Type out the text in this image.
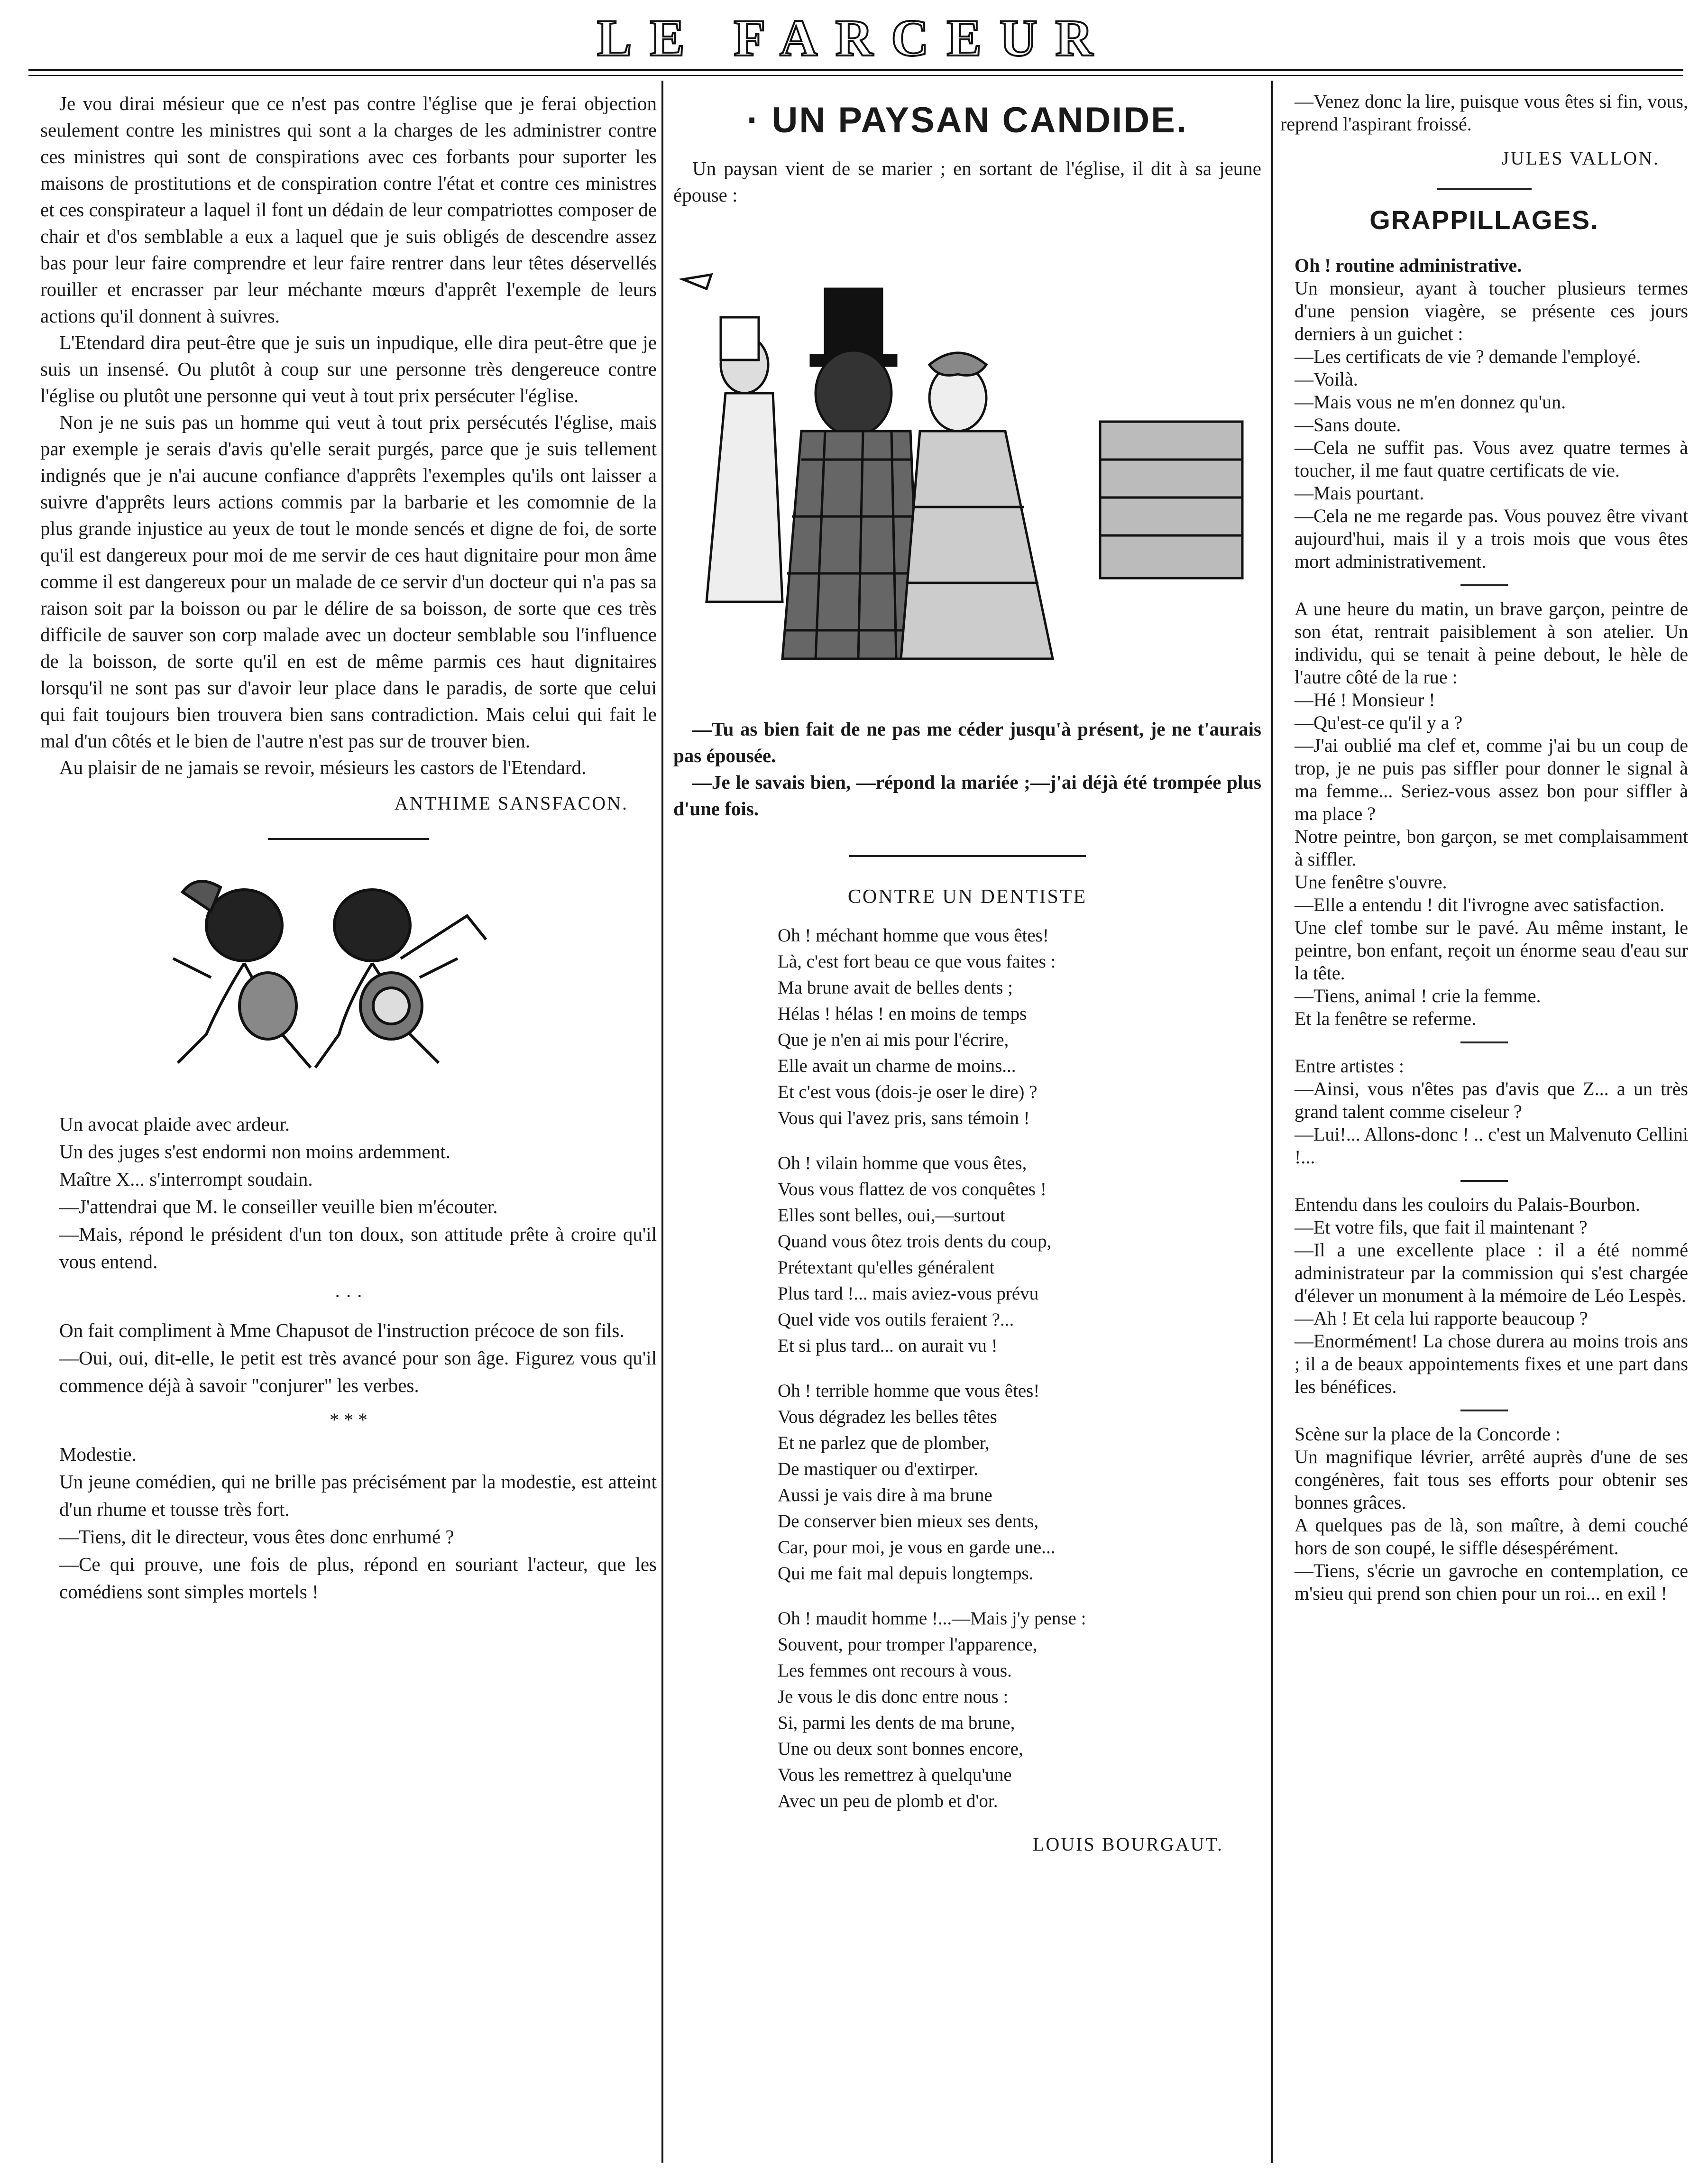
LE FARCEUR

Je vou dirai mésieur que ce n'est pas contre l'église que je ferai objection seulement contre les ministres qui sont a la charges de les administrer contre ces ministres qui sont de conspirations avec ces forbants pour suporter les maisons de prostitutions et de conspiration contre l'état et contre ces ministres et ces conspirateur a laquel il font un dédain de leur compatriottes composer de chair et d'os semblable a eux a laquel que je suis obligés de descendre assez bas pour leur faire comprendre et leur faire rentrer dans leur têtes déservellés rouiller et encrasser par leur méchante mœurs d'apprêt l'exemple de leurs actions qu'il donnent à suivres.

L'Etendard dira peut-être que je suis un inpudique, elle dira peut-être que je suis un insensé. Ou plutôt à coup sur une personne très dengereuce contre l'église ou plutôt une personne qui veut à tout prix persécuter l'église.

Non je ne suis pas un homme qui veut à tout prix persécutés l'église, mais par exemple je serais d'avis qu'elle serait purgés, parce que je suis tellement indignés que je n'ai aucune confiance d'apprêts l'exemples qu'ils ont laisser a suivre d'apprêts leurs actions commis par la barbarie et les comomnie de la plus grande injustice au yeux de tout le monde sencés et digne de foi, de sorte qu'il est dangereux pour moi de me servir de ces haut dignitaire pour mon âme comme il est dangereux pour un malade de ce servir d'un docteur qui n'a pas sa raison soit par la boisson ou par le délire de sa boisson, de sorte que ces très difficile de sauver son corp malade avec un docteur semblable sou l'influence de la boisson, de sorte qu'il en est de même parmis ces haut dignitaires lorsqu'il ne sont pas sur d'avoir leur place dans le paradis, de sorte que celui qui fait toujours bien trouvera bien sans contradiction. Mais celui qui fait le mal d'un côtés et le bien de l'autre n'est pas sur de trouver bien.

Au plaisir de ne jamais se revoir, mésieurs les castors de l'Etendard.

ANTHIME SANSFACON.

Un avocat plaide avec ardeur.
Un des juges s'est endormi non moins ardemment.
Maître X... s'interrompt soudain.
—J'attendrai que M. le conseiller veuille bien m'écouter.
—Mais, répond le président d'un ton doux, son attitude prête à croire qu'il vous entend.
· · ·
On fait compliment à Mme Chapusot de l'instruction précoce de son fils.
—Oui, oui, dit-elle, le petit est très avancé pour son âge. Figurez vous qu'il commence déjà à savoir "conjurer" les verbes.
* * *
Modestie.
Un jeune comédien, qui ne brille pas précisément par la modestie, est atteint d'un rhume et tousse très fort.
—Tiens, dit le directeur, vous êtes donc enrhumé ?
—Ce qui prouve, une fois de plus, répond en souriant l'acteur, que les comédiens sont simples mortels !
· UN PAYSAN CANDIDE.

Un paysan vient de se marier ; en sortant de l'église, il dit à sa jeune épouse :

—Tu as bien fait de ne pas me céder jusqu'à présent, je ne t'aurais pas épousée.

—Je le savais bien, —répond la mariée ;—j'ai déjà été trompée plus d'une fois.

CONTRE UN DENTISTE

Oh ! méchant homme que vous êtes!

Là, c'est fort beau ce que vous faites :

Ma brune avait de belles dents ;

Hélas ! hélas ! en moins de temps

Que je n'en ai mis pour l'écrire,

Elle avait un charme de moins...

Et c'est vous (dois-je oser le dire) ?

Vous qui l'avez pris, sans témoin !

Oh ! vilain homme que vous êtes,

Vous vous flattez de vos conquêtes !

Elles sont belles, oui,—surtout

Quand vous ôtez trois dents du coup,

Prétextant qu'elles généralent

Plus tard !... mais aviez-vous prévu

Quel vide vos outils feraient ?...

Et si plus tard... on aurait vu !

Oh ! terrible homme que vous êtes!

Vous dégradez les belles têtes

Et ne parlez que de plomber,

De mastiquer ou d'extirper.

Aussi je vais dire à ma brune

De conserver bien mieux ses dents,

Car, pour moi, je vous en garde une...

Qui me fait mal depuis longtemps.

Oh ! maudit homme !...—Mais j'y pense :

Souvent, pour tromper l'apparence,

Les femmes ont recours à vous.

Je vous le dis donc entre nous :

Si, parmi les dents de ma brune,

Une ou deux sont bonnes encore,

Vous les remettrez à quelqu'une

Avec un peu de plomb et d'or.

LOUIS BOURGAUT.

—Venez donc la lire, puisque vous êtes si fin, vous, reprend l'aspirant froissé.

JULES VALLON.

GRAPPILLAGES.
Oh ! routine administrative.
Un monsieur, ayant à toucher plusieurs termes d'une pension viagère, se présente ces jours derniers à un guichet :
—Les certificats de vie ? demande l'employé.
—Voilà.
—Mais vous ne m'en donnez qu'un.
—Sans doute.
—Cela ne suffit pas. Vous avez quatre termes à toucher, il me faut quatre certificats de vie.
—Mais pourtant.
—Cela ne me regarde pas. Vous pouvez être vivant aujourd'hui, mais il y a trois mois que vous êtes mort administrativement.
A une heure du matin, un brave garçon, peintre de son état, rentrait paisiblement à son atelier. Un individu, qui se tenait à peine debout, le hèle de l'autre côté de la rue :
—Hé ! Monsieur !
—Qu'est-ce qu'il y a ?
—J'ai oublié ma clef et, comme j'ai bu un coup de trop, je ne puis pas siffler pour donner le signal à ma femme... Seriez-vous assez bon pour siffler à ma place ?
Notre peintre, bon garçon, se met complaisamment à siffler.
Une fenêtre s'ouvre.
—Elle a entendu ! dit l'ivrogne avec satisfaction.
Une clef tombe sur le pavé. Au même instant, le peintre, bon enfant, reçoit un énorme seau d'eau sur la tête.
—Tiens, animal ! crie la femme.
Et la fenêtre se referme.
Entre artistes :
—Ainsi, vous n'êtes pas d'avis que Z... a un très grand talent comme ciseleur ?
—Lui!... Allons-donc ! .. c'est un Malvenuto Cellini !...
Entendu dans les couloirs du Palais-Bourbon.
—Et votre fils, que fait il maintenant ?
—Il a une excellente place : il a été nommé administrateur par la commission qui s'est chargée d'élever un monument à la mémoire de Léo Lespès.
—Ah ! Et cela lui rapporte beaucoup ?
—Enormément! La chose durera au moins trois ans ; il a de beaux appointements fixes et une part dans les bénéfices.
Scène sur la place de la Concorde :
Un magnifique lévrier, arrêté auprès d'une de ses congénères, fait tous ses efforts pour obtenir ses bonnes grâces.
A quelques pas de là, son maître, à demi couché hors de son coupé, le siffle désespérément.
—Tiens, s'écrie un gavroche en contemplation, ce m'sieu qui prend son chien pour un roi... en exil !
